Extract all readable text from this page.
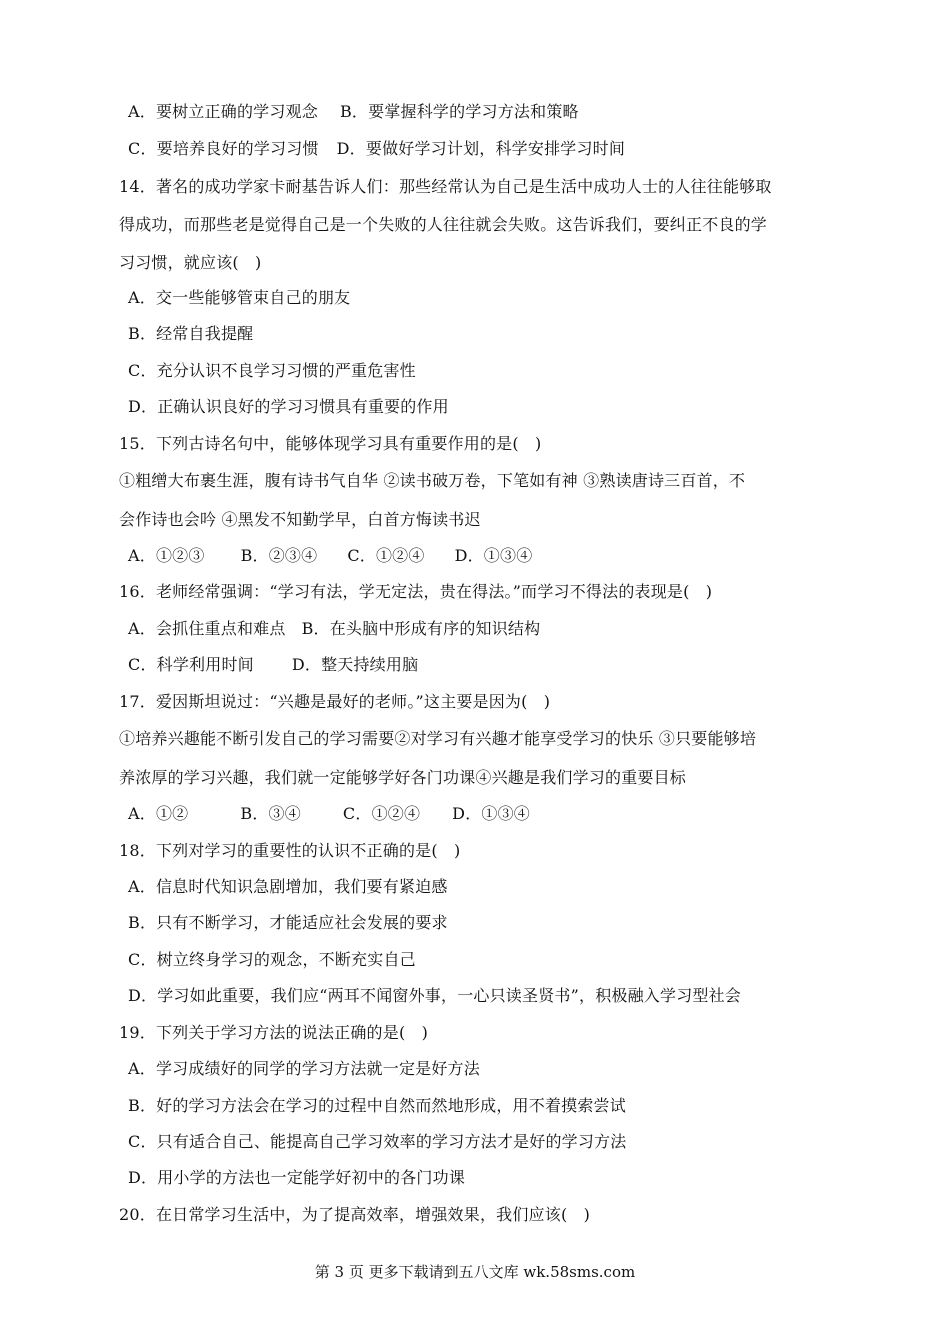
A．要树立正确的学习观念 B．要掌握科学的学习方法和策略
C．要培养良好的学习习惯 D．要做好学习计划，科学安排学习时间
14．著名的成功学家卡耐基告诉人们：那些经常认为自己是生活中成功人士的人往往能够取
得成功，而那些老是觉得自己是一个失败的人往往就会失败。这告诉我们，要纠正不良的学
习习惯，就应该(　)
A．交一些能够管束自己的朋友
B．经常自我提醒
C．充分认识不良学习习惯的严重危害性
D．正确认识良好的学习习惯具有重要的作用
15．下列古诗名句中，能够体现学习具有重要作用的是(　)
①粗缯大布裹生涯，腹有诗书气自华 ②读书破万卷，下笔如有神 ③熟读唐诗三百首，不
会作诗也会吟 ④黑发不知勤学早，白首方悔读书迟
A．①②③ B．②③④ C．①②④ D．①③④
16．老师经常强调：“学习有法，学无定法，贵在得法。”而学习不得法的表现是(　)
A．会抓住重点和难点 B．在头脑中形成有序的知识结构
C．科学利用时间 D．整天持续用脑
17．爱因斯坦说过：“兴趣是最好的老师。”这主要是因为(　)
①培养兴趣能不断引发自己的学习需要②对学习有兴趣才能享受学习的快乐 ③只要能够培
养浓厚的学习兴趣，我们就一定能够学好各门功课④兴趣是我们学习的重要目标
A．①②	B．③④	C．①②④ D．①③④
18．下列对学习的重要性的认识不正确的是(　)
A．信息时代知识急剧增加，我们要有紧迫感
B．只有不断学习，才能适应社会发展的要求
C．树立终身学习的观念，不断充实自己
D．学习如此重要，我们应“两耳不闻窗外事，一心只读圣贤书”，积极融入学习型社会
19．下列关于学习方法的说法正确的是(　)
A．学习成绩好的同学的学习方法就一定是好方法
B．好的学习方法会在学习的过程中自然而然地形成，用不着摸索尝试
C．只有适合自己、能提高自己学习效率的学习方法才是好的学习方法
D．用小学的方法也一定能学好初中的各门功课
20．在日常学习生活中，为了提高效率，增强效果，我们应该(　)
第 3 页 更多下载请到五八文库 wk.58sms.com
